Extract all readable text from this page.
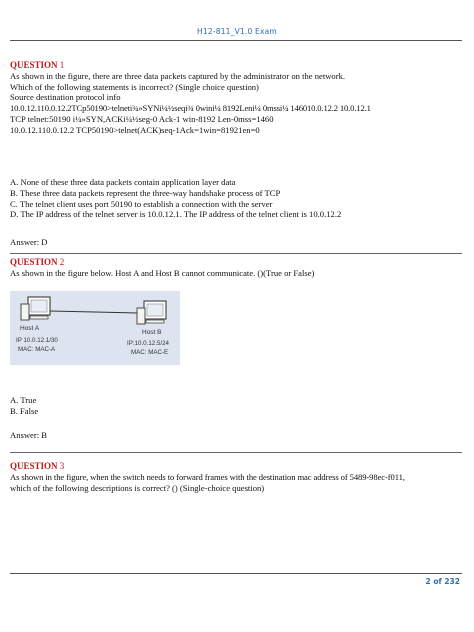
H12-811_V1.0 Exam
QUESTION 1
As shown in the figure, there are three data packets captured by the administrator on the network.
Which of the following statements is incorrect? (Single choice question)
Source destination protocol info
10.0.12.110.0.12.2TCp50190>telneti¾»SYNi¼½seqi¾ 0wini¼ 8192Leni¼ 0mssi¼ 146010.0.12.2 10.0.12.1
TCP telnet:50190 i¼»SYN,ACKi¼½seg-0 Ack-1 win-8192 Len-0mss=1460
10.0.12.110.0.12.2 TCP50190>telnet(ACK)seq-1Ack=1win=81921en=0
A. None of these three data packets contain application layer data
B. These three data packets represent the three-way handshake process of TCP
C. The telnet client uses port 50190 to establish a connection with the server
D. The IP address of the telnet server is 10.0.12.1. The IP address of the telnet client is 10.0.12.2
Answer: D
QUESTION 2
As shown in the figure below. Host A and Host B cannot communicate. ()(True or False)
Host A
IP 10.0.12.1/30
MAC: MAC-A
Host B
IP:10.0.12.5/24
MAC: MAC-E
A. True
B. False
Answer: B
QUESTION 3
As shown in the figure, when the switch needs to forward frames with the destination mac address of 5489-98ec-f011,
which of the following descriptions is correct? () (Single-choice question)
2 of 232
